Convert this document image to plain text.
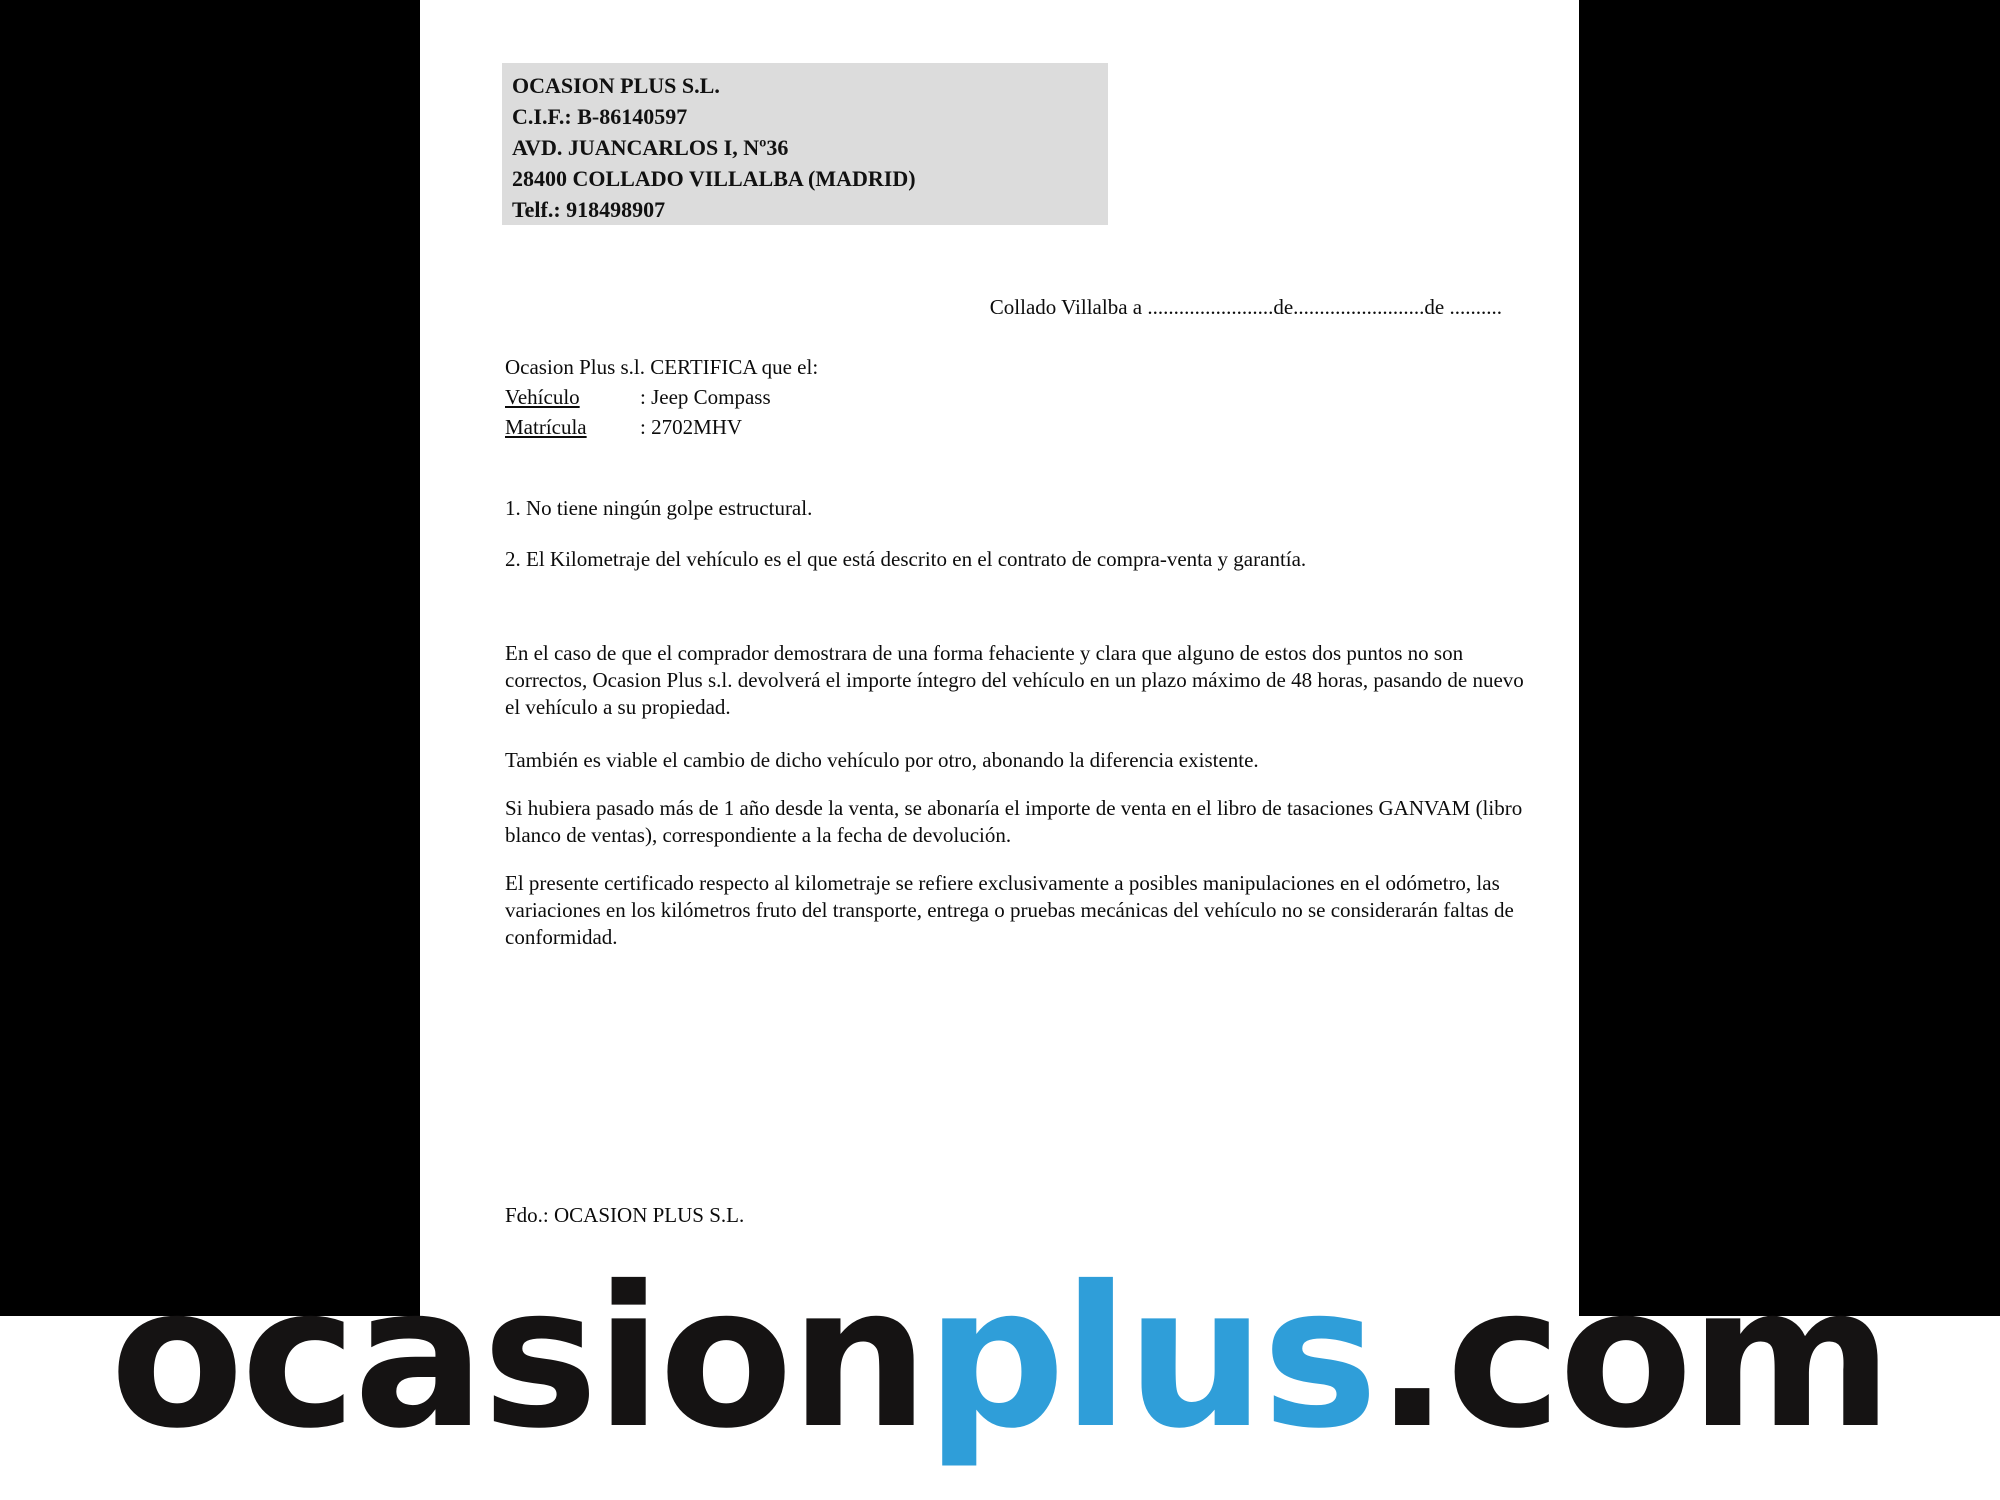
OCASION PLUS S.L.
C.I.F.: B-86140597
AVD. JUANCARLOS I, Nº36
28400 COLLADO VILLALBA (MADRID)
Telf.: 918498907
Collado Villalba a ........................de.........................de ..........
Ocasion Plus s.l. CERTIFICA que el:
Vehículo	: Jeep Compass
Matrícula	: 2702MHV
1. No tiene ningún golpe estructural.
2. El Kilometraje del vehículo es el que está descrito en el contrato de compra-venta y garantía.
En el caso de que el comprador demostrara de una forma fehaciente y clara que alguno de estos dos puntos no son correctos, Ocasion Plus s.l. devolverá el importe íntegro del vehículo en un plazo máximo de 48 horas, pasando de nuevo el vehículo a su propiedad.
También es viable el cambio de dicho vehículo por otro, abonando la diferencia existente.
Si hubiera pasado más de 1 año desde la venta, se abonaría el importe de venta en el libro de tasaciones GANVAM (libro blanco de ventas), correspondiente a la fecha de devolución.
El presente certificado respecto al kilometraje se refiere exclusivamente a posibles manipulaciones en el odómetro, las variaciones en los kilómetros fruto del transporte, entrega o pruebas mecánicas del vehículo no se considerarán faltas de conformidad.
Fdo.: OCASION PLUS S.L.
ocasionplus.com
